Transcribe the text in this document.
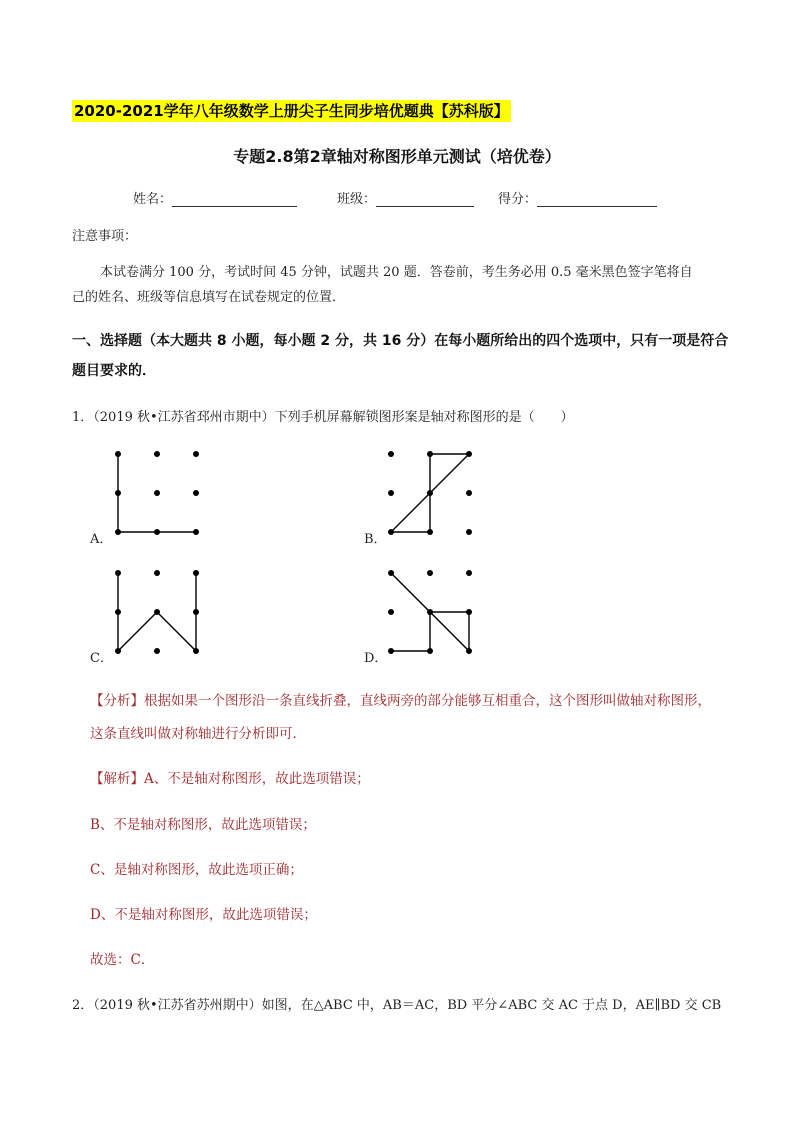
2020-2021学年八年级数学上册尖子生同步培优题典【苏科版】
专题2.8第2章轴对称图形单元测试（培优卷）
姓名：	班级：	得分：
注意事项：
本试卷满分 100 分，考试时间 45 分钟，试题共 20 题．答卷前，考生务必用 0.5 毫米黑色签字笔将自
己的姓名、班级等信息填写在试卷规定的位置．
一、选择题（本大题共 8 小题，每小题 2 分，共 16 分）在每小题所给出的四个选项中，只有一项是符合题目要求的．
1．（2019 秋•江苏省邳州市期中）下列手机屏幕解锁图形案是轴对称图形的是（　　）
A．	B．
C．	D．
【分析】根据如果一个图形沿一条直线折叠，直线两旁的部分能够互相重合，这个图形叫做轴对称图形，
这条直线叫做对称轴进行分析即可．
【解析】A、不是轴对称图形，故此选项错误；
B、不是轴对称图形，故此选项错误；
C、是轴对称图形，故此选项正确；
D、不是轴对称图形，故此选项错误；
故选：C．
2．（2019 秋•江苏省苏州期中）如图，在△ABC 中，AB＝AC，BD 平分∠ABC 交 AC 于点 D，AE∥BD 交 CB
